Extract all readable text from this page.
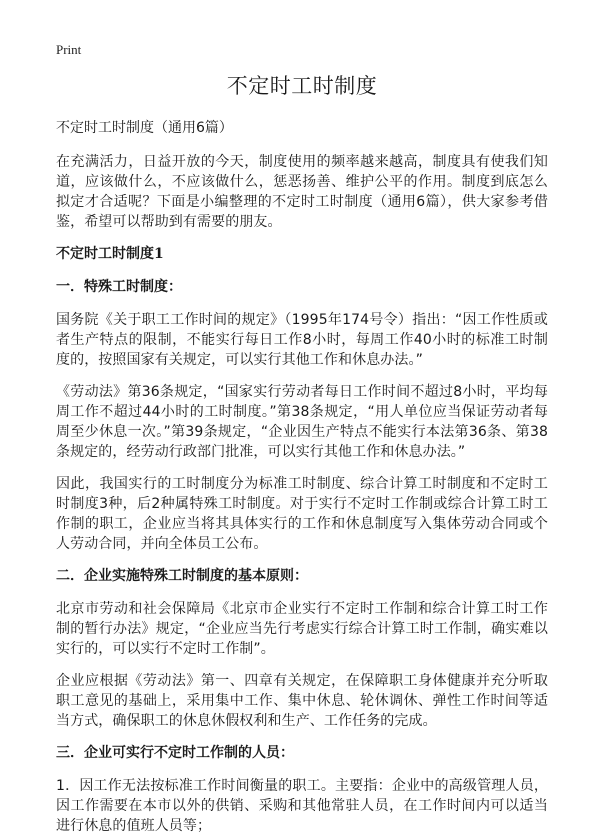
Print
不定时工时制度
不定时工时制度（通用6篇）

在充满活力，日益开放的今天，制度使用的频率越来越高，制度具有使我们知道，应该做什么，不应该做什么，惩恶扬善、维护公平的作用。制度到底怎么拟定才合适呢？下面是小编整理的不定时工时制度（通用6篇），供大家参考借鉴，希望可以帮助到有需要的朋友。

不定时工时制度1
一．特殊工时制度：

国务院《关于职工工作时间的规定》（1995年174号令）指出：“因工作性质或者生产特点的限制，不能实行每日工作8小时，每周工作40小时的标准工时制度的，按照国家有关规定，可以实行其他工作和休息办法。”

《劳动法》第36条规定，“国家实行劳动者每日工作时间不超过8小时，平均每周工作不超过44小时的工时制度。”第38条规定，“用人单位应当保证劳动者每周至少休息一次。”第39条规定，“企业因生产特点不能实行本法第36条、第38条规定的，经劳动行政部门批准，可以实行其他工作和休息办法。”

因此，我国实行的工时制度分为标准工时制度、综合计算工时制度和不定时工时制度3种，后2种属特殊工时制度。对于实行不定时工作制或综合计算工时工作制的职工，企业应当将其具体实行的工作和休息制度写入集体劳动合同或个人劳动合同，并向全体员工公布。

二．企业实施特殊工时制度的基本原则：

北京市劳动和社会保障局《北京市企业实行不定时工作制和综合计算工时工作制的暂行办法》规定，“企业应当先行考虑实行综合计算工时工作制，确实难以实行的，可以实行不定时工作制”。

企业应根据《劳动法》第一、四章有关规定，在保障职工身体健康并充分听取职工意见的基础上，采用集中工作、集中休息、轮休调休、弹性工作时间等适当方式，确保职工的休息休假权利和生产、工作任务的完成。

三．企业可实行不定时工作制的人员：

1．因工作无法按标准工作时间衡量的职工。主要指：企业中的高级管理人员，因工作需要在本市以外的供销、采购和其他常驻人员，在工作时间内可以适当进行休息的值班人员等；
